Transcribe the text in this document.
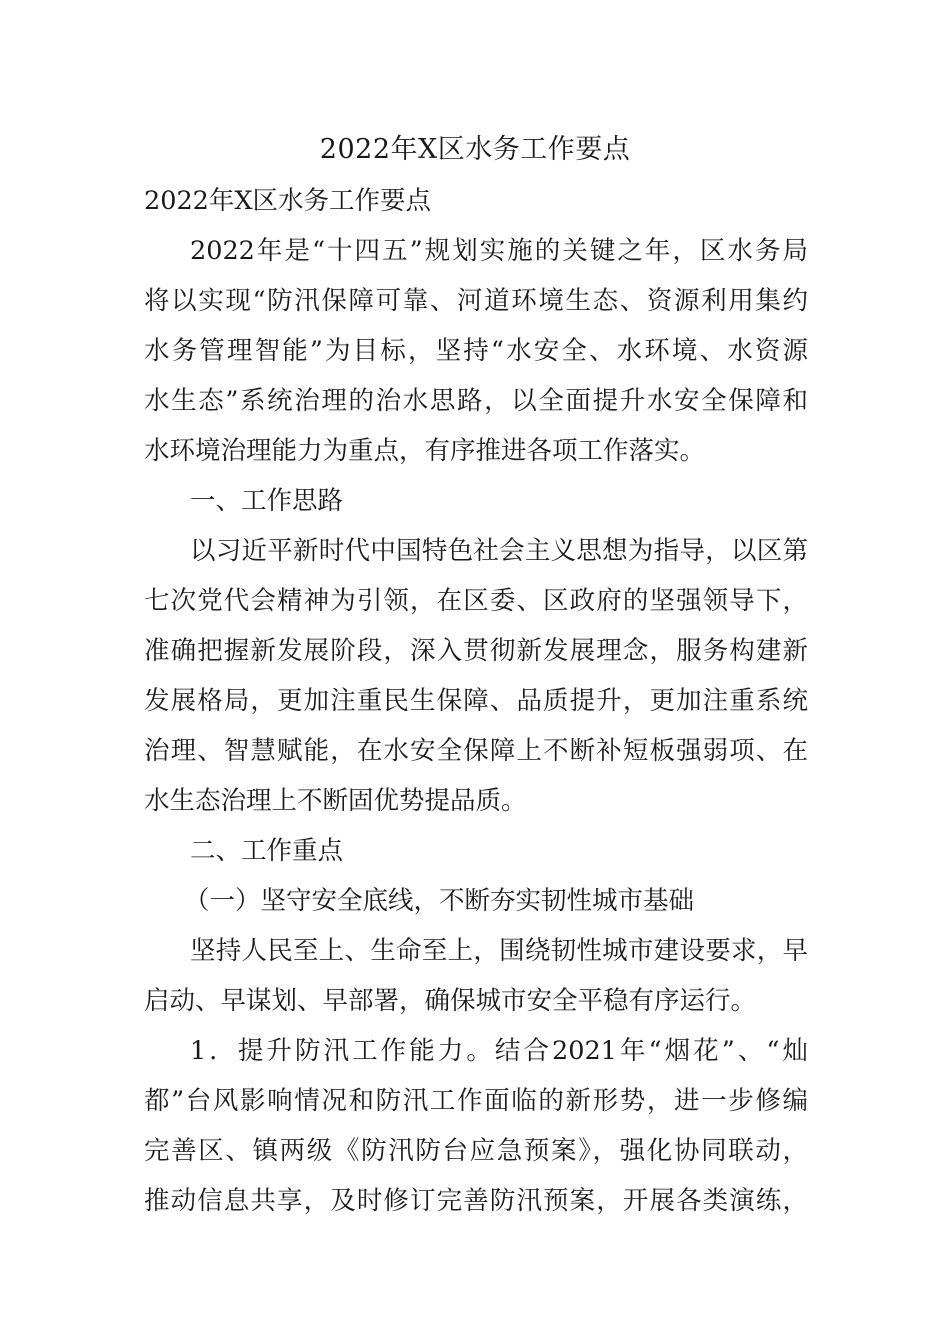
2022年X区水务工作要点
2022年X区水务工作要点
2022年是“十四五”规划实施的关键之年，区水务局
将以实现“防汛保障可靠、河道环境生态、资源利用集约
水务管理智能”为目标，坚持“水安全、水环境、水资源
水生态”系统治理的治水思路，以全面提升水安全保障和
水环境治理能力为重点，有序推进各项工作落实。
一、工作思路
以习近平新时代中国特色社会主义思想为指导，以区第
七次党代会精神为引领，在区委、区政府的坚强领导下，
准确把握新发展阶段，深入贯彻新发展理念，服务构建新
发展格局，更加注重民生保障、品质提升，更加注重系统
治理、智慧赋能，在水安全保障上不断补短板强弱项、在
水生态治理上不断固优势提品质。
二、工作重点
（一）坚守安全底线，不断夯实韧性城市基础
坚持人民至上、生命至上，围绕韧性城市建设要求，早
启动、早谋划、早部署，确保城市安全平稳有序运行。
1．提升防汛工作能力。结合2021年“烟花”、“灿
都”台风影响情况和防汛工作面临的新形势，进一步修编
完善区、镇两级《防汛防台应急预案》，强化协同联动，
推动信息共享，及时修订完善防汛预案，开展各类演练，
